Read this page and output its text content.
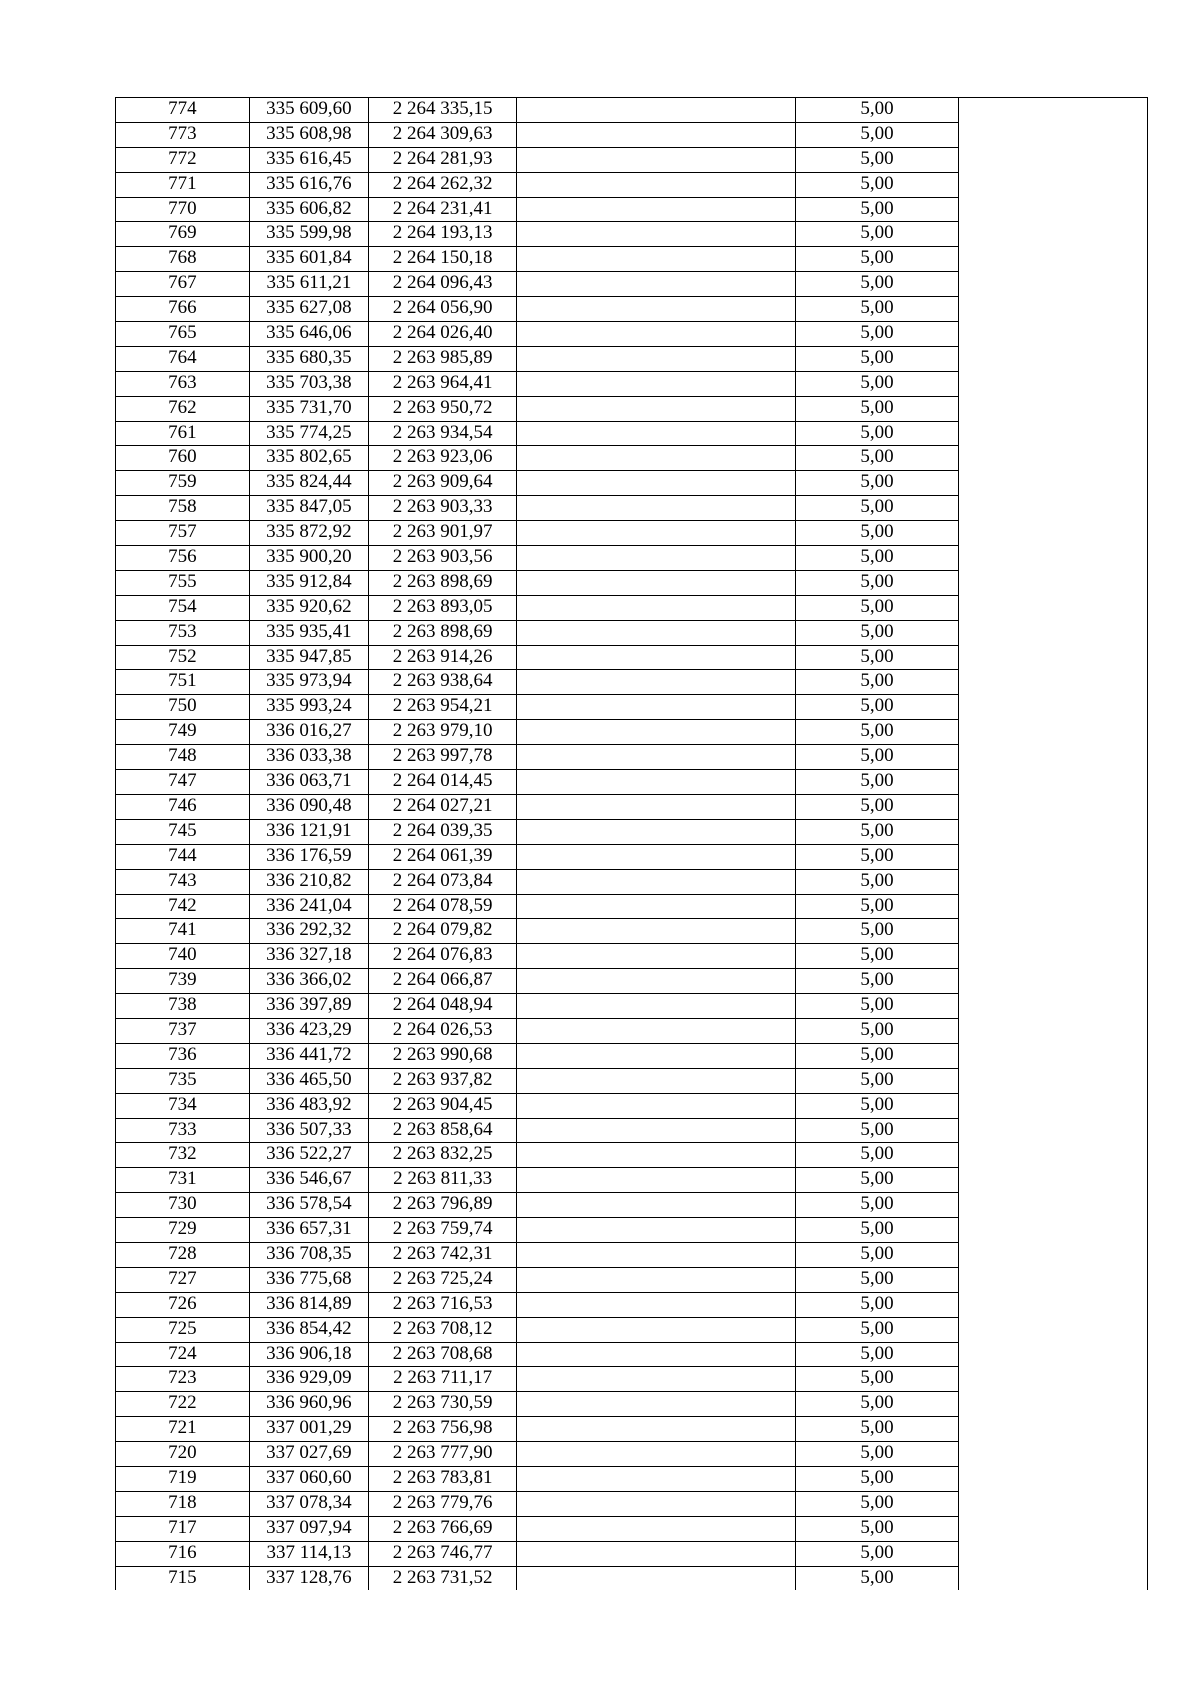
774	335 609,60	2 264 335,15		5,00	
773	335 608,98	2 264 309,63		5,00	
772	335 616,45	2 264 281,93		5,00	
771	335 616,76	2 264 262,32		5,00	
770	335 606,82	2 264 231,41		5,00	
769	335 599,98	2 264 193,13		5,00	
768	335 601,84	2 264 150,18		5,00	
767	335 611,21	2 264 096,43		5,00	
766	335 627,08	2 264 056,90		5,00	
765	335 646,06	2 264 026,40		5,00	
764	335 680,35	2 263 985,89		5,00	
763	335 703,38	2 263 964,41		5,00	
762	335 731,70	2 263 950,72		5,00	
761	335 774,25	2 263 934,54		5,00	
760	335 802,65	2 263 923,06		5,00	
759	335 824,44	2 263 909,64		5,00	
758	335 847,05	2 263 903,33		5,00	
757	335 872,92	2 263 901,97		5,00	
756	335 900,20	2 263 903,56		5,00	
755	335 912,84	2 263 898,69		5,00	
754	335 920,62	2 263 893,05		5,00	
753	335 935,41	2 263 898,69		5,00	
752	335 947,85	2 263 914,26		5,00	
751	335 973,94	2 263 938,64		5,00	
750	335 993,24	2 263 954,21		5,00	
749	336 016,27	2 263 979,10		5,00	
748	336 033,38	2 263 997,78		5,00	
747	336 063,71	2 264 014,45		5,00	
746	336 090,48	2 264 027,21		5,00	
745	336 121,91	2 264 039,35		5,00	
744	336 176,59	2 264 061,39		5,00	
743	336 210,82	2 264 073,84		5,00	
742	336 241,04	2 264 078,59		5,00	
741	336 292,32	2 264 079,82		5,00	
740	336 327,18	2 264 076,83		5,00	
739	336 366,02	2 264 066,87		5,00	
738	336 397,89	2 264 048,94		5,00	
737	336 423,29	2 264 026,53		5,00	
736	336 441,72	2 263 990,68		5,00	
735	336 465,50	2 263 937,82		5,00	
734	336 483,92	2 263 904,45		5,00	
733	336 507,33	2 263 858,64		5,00	
732	336 522,27	2 263 832,25		5,00	
731	336 546,67	2 263 811,33		5,00	
730	336 578,54	2 263 796,89		5,00	
729	336 657,31	2 263 759,74		5,00	
728	336 708,35	2 263 742,31		5,00	
727	336 775,68	2 263 725,24		5,00	
726	336 814,89	2 263 716,53		5,00	
725	336 854,42	2 263 708,12		5,00	
724	336 906,18	2 263 708,68		5,00	
723	336 929,09	2 263 711,17		5,00	
722	336 960,96	2 263 730,59		5,00	
721	337 001,29	2 263 756,98		5,00	
720	337 027,69	2 263 777,90		5,00	
719	337 060,60	2 263 783,81		5,00	
718	337 078,34	2 263 779,76		5,00	
717	337 097,94	2 263 766,69		5,00	
716	337 114,13	2 263 746,77		5,00	
715	337 128,76	2 263 731,52		5,00	
